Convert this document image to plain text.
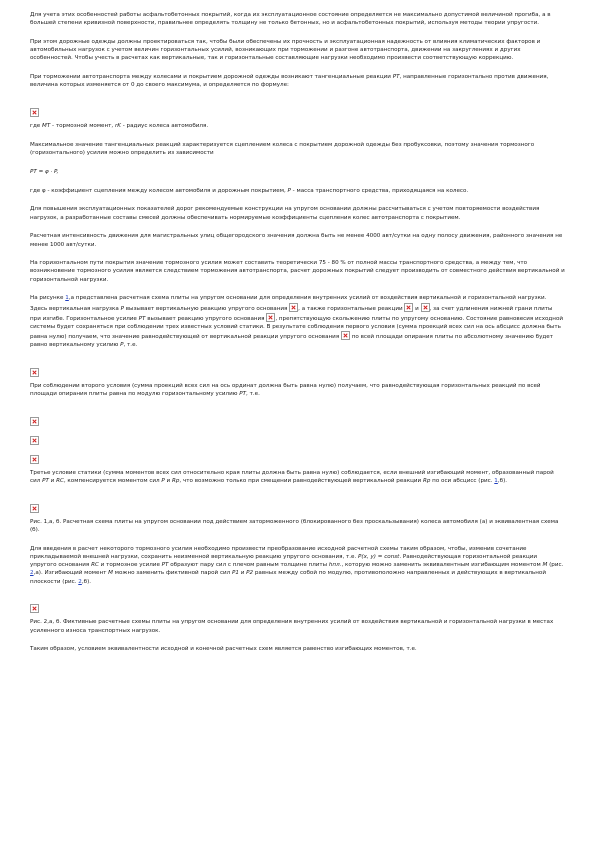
Для учета этих особенностей работы асфальтобетонных покрытий, когда их эксплуатационное состояние определяется не максимально допустимой величиной прогиба, а в большей степени кривизной поверхности, правильнее определять толщину не только бетонных, но и асфальтобетонных покрытий, используя методы теории упругости.

При этом дорожные одежды должны проектироваться так, чтобы были обеспечены их прочность и эксплуатационная надежность от влияния климатических факторов и автомобильных нагрузок с учетом величин горизонтальных усилий, возникающих при торможении и разгоне автотранспорта, движении на закруглениях и других особенностей. Чтобы учесть в расчетах как вертикальные, так и горизонтальные составляющие нагрузки необходимо произвести соответствующую коррекцию.

При торможении автотранспорта между колесами и покрытием дорожной одежды возникают тангенциальные реакции PT, направленные горизонтально против движения, величина которых изменяется от 0 до своего максимума, и определяется по формуле:

где MT - тормозной момент, rK - радиус колеса автомобиля.

Максимальное значение тангенциальных реакций характеризуется сцеплением колеса с покрытием дорожной одежды без пробуксовки, поэтому значения тормозного (горизонтального) усилия можно определить из зависимости

PT = φ · P,

где φ - коэффициент сцепления между колесом автомобиля и дорожным покрытием, P - масса транспортного средства, приходящаяся на колесо.

Для повышения эксплуатационных показателей дорог рекомендуемые конструкции на упругом основании должны рассчитываться с учетом повторяемости воздействия нагрузок, а разработанные составы смесей должны обеспечивать нормируемые коэффициенты сцепления колес автотранспорта с покрытием.

Расчетная интенсивность движения для магистральных улиц общегородского значения должна быть не менее 4000 авт/сутки на одну полосу движения, районного значения не менее 1000 авт/сутки.

На горизонтальном пути покрытия значение тормозного усилия может составить теоретически 75 - 80 % от полной массы транспортного средства, а между тем, что возникновение тормозного усилия является следствием торможения автотранспорта, расчет дорожных покрытий следует производить от совместного действия вертикальной и горизонтальной нагрузки.

На рисунке 1,а представлена расчетная схема плиты на упругом основании для определения внутренних усилий от воздействия вертикальной и горизонтальной нагрузки. Здесь вертикальная нагрузка P вызывает вертикальную реакцию упругого основания , а также горизонтальные реакции  и , за счет удлинения нижней грани плиты при изгибе. Горизонтальное усилие PT вызывает реакцию упругого основания , препятствующую скольжению плиты по упругому основанию. Состояние равновесия исходной системы будет сохраняться при соблюдении трех известных условий статики. В результате соблюдения первого условия (сумма проекций всех сил на ось абсцисс должна быть равна нулю) получаем, что значение равнодействующей от вертикальной реакции упругого основания  по всей площади опирания плиты по абсолютному значению будет равно вертикальному усилию P, т.е.

При соблюдении второго условия (сумма проекций всех сил на ось ординат должна быть равна нулю) получаем, что равнодействующая горизонтальных реакций по всей площади опирания плиты равна по модулю горизонтальному усилию PT, т.е.

Третье условие статики (сумма моментов всех сил относительно края плиты должна быть равна нулю) соблюдается, если внешний изгибающий момент, образованный парой сил PT и RC, компенсируется моментом сил P и Rp, что возможно только при смещении равнодействующей вертикальной реакции Rp по оси абсцисс (рис. 1,б).

Рис. 1,а, б. Расчетная схема плиты на упругом основании под действием заторможенного (блокированного без проскальзывания) колеса автомобиля (а) и эквивалентная схема (б).

Для введения в расчет некоторого тормозного усилия необходимо произвести преобразование исходной расчетной схемы таким образом, чтобы, изменив сочетание прикладываемой внешней нагрузки, сохранить неизменной вертикальную реакцию упругого основания, т.е. P(x, y) = const. Равнодействующая горизонтальной реакции упругого основания RC и тормозное усилие PT образуют пару сил с плечом равным толщине плиты hпл., которую можно заменить эквивалентным изгибающим моментом M (рис. 2,а). Изгибающий момент M можно заменить фиктивной парой сил P1 и P2 равных между собой по модулю, противоположно направленных и действующих в вертикальной плоскости (рис. 2,б).

Рис. 2,а, б. Фиктивные расчетные схемы плиты на упругом основании для определения внутренних усилий от воздействия вертикальной и горизонтальной нагрузки в местах усиленного износа транспортных нагрузок.

Таким образом, условием эквивалентности исходной и конечной расчетных схем является равенство изгибающих моментов, т.е.
